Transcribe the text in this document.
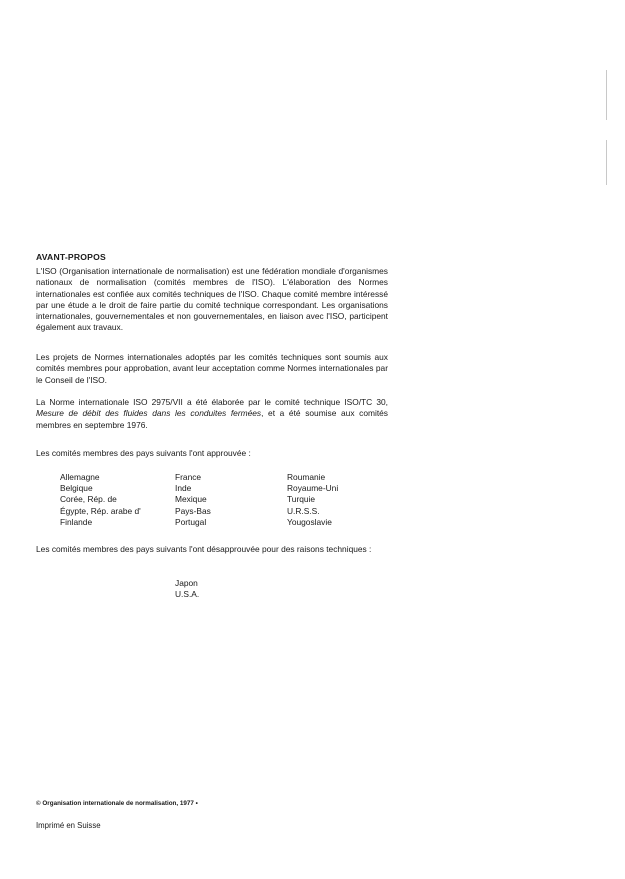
AVANT-PROPOS

L'ISO (Organisation internationale de normalisation) est une fédération mondiale d'organismes nationaux de normalisation (comités membres de l'ISO). L'élaboration des Normes internationales est confiée aux comités techniques de l'ISO. Chaque comité membre intéressé par une étude a le droit de faire partie du comité technique correspondant. Les organisations internationales, gouvernementales et non gouvernementales, en liaison avec l'ISO, participent également aux travaux.

Les projets de Normes internationales adoptés par les comités techniques sont soumis aux comités membres pour approbation, avant leur acceptation comme Normes internationales par le Conseil de l'ISO.

La Norme internationale ISO 2975/VII a été élaborée par le comité technique ISO/TC 30, Mesure de débit des fluides dans les conduites fermées, et a été soumise aux comités membres en septembre 1976.

Les comités membres des pays suivants l'ont approuvée :

Allemagne
Belgique
Corée, Rép. de
Égypte, Rép. arabe d'
Finlande
France
Inde
Mexique
Pays-Bas
Portugal
Roumanie
Royaume-Uni
Turquie
U.R.S.S.
Yougoslavie

Les comités membres des pays suivants l'ont désapprouvée pour des raisons techniques :

Japon
U.S.A.
© Organisation internationale de normalisation, 1977 •
Imprimé en Suisse
